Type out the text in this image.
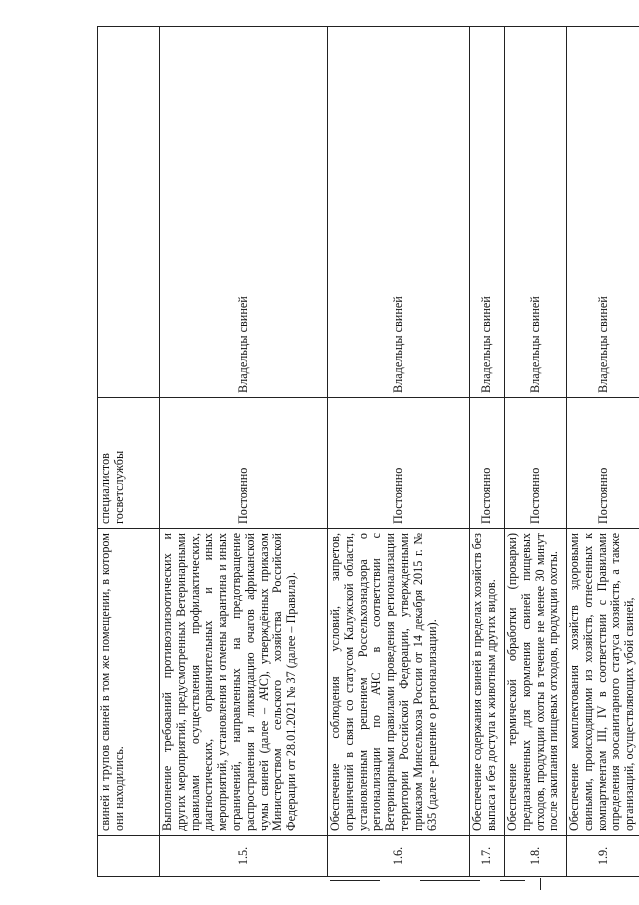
	свиней и трупов свиней в том же помещении, в котором они находились.	специалистов госветслужбы	
1.5.	Выполнение требований противоэпизоотических и других мероприятий, предусмотренных Ветеринарными правилами осуществления профилактических, диагностических, ограничительных и иных мероприятий, установления и отмены карантина и иных ограничений, направленных на предотвращение распространения и ликвидацию очагов африканской чумы свиней (далее – АЧС), утверждённых приказом Министерством сельского хозяйства Российской Федерации от 28.01.2021 № 37 (далее – Правила).	Постоянно	Владельцы свиней
1.6.	Обеспечение соблюдения условий, запретов, ограничений в связи со статусом Калужской области, установленным решением Россельхознадзора о регионализации по АЧС в соответствии с Ветеринарными правилами проведения регионализации территории Российской Федерации, утвержденными приказом Минсельхоза России от 14 декабря 2015 г. № 635 (далее - решение о регионализации).	Постоянно	Владельцы свиней
1.7.	Обеспечение содержания свиней в пределах хозяйств без выпаса и без доступа к животным других видов.	Постоянно	Владельцы свиней
1.8.	Обеспечение термической обработки (проварки) предназначенных для кормления свиней пищевых отходов, продукции охоты в течение не менее 30 минут после закипания пищевых отходов, продукции охоты.	Постоянно	Владельцы свиней
1.9.	Обеспечение комплектования хозяйств здоровыми свиньями, происходящими из хозяйств, отнесенных к компартментам III, IV в соответствии с Правилами определения зоосанитарного статуса хозяйств, а также организаций, осуществляющих убой свиней,	Постоянно	Владельцы свиней
